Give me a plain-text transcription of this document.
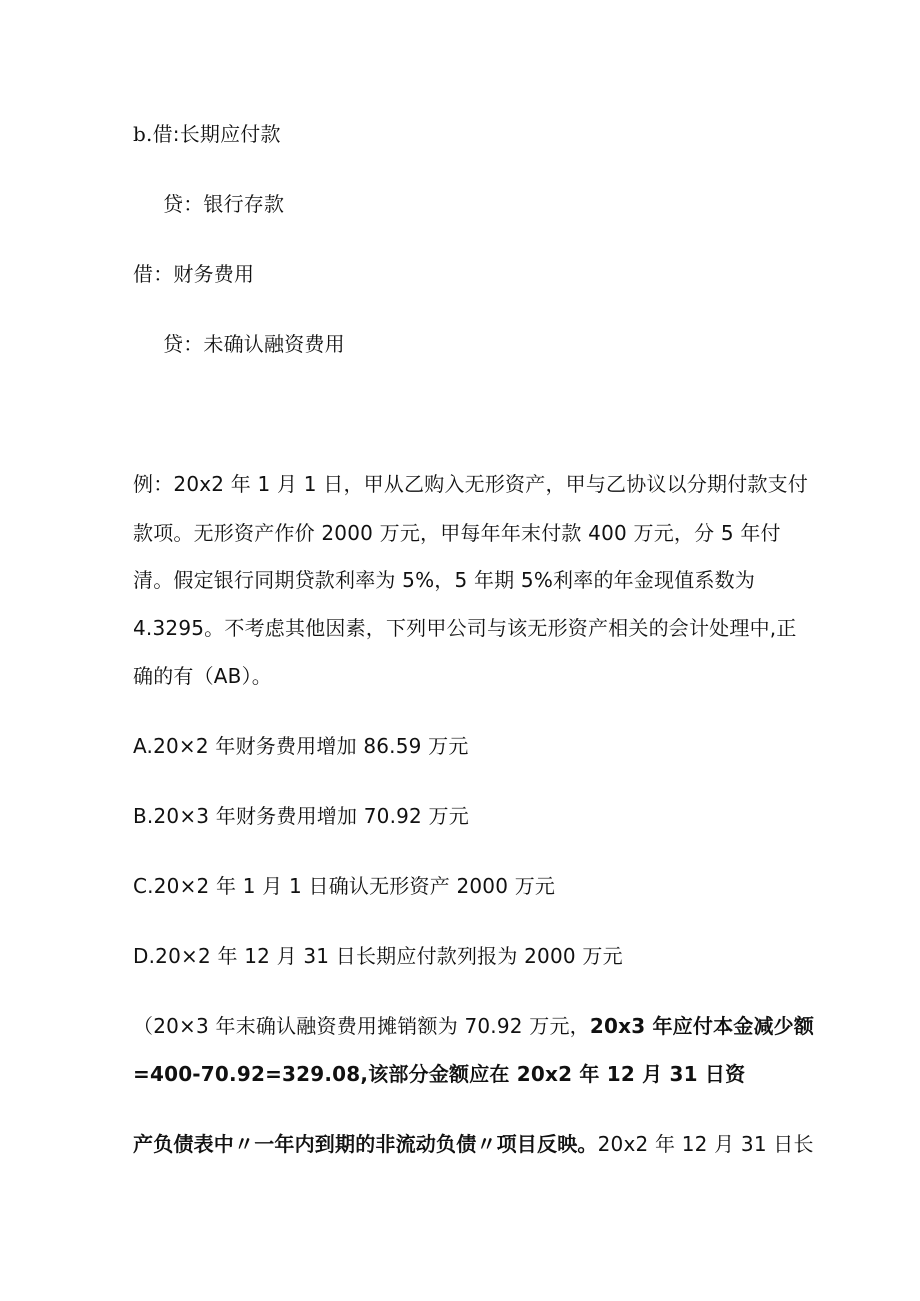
b.借:长期应付款
贷：银行存款
借：财务费用
贷：未确认融资费用
例：20x2 年 1 月 1 日，甲从乙购入无形资产，甲与乙协议以分期付款支付
款项。无形资产作价 2000 万元，甲每年年末付款 400 万元，分 5 年付
清。假定银行同期贷款利率为 5%，5 年期 5%利率的年金现值系数为
4.3295。不考虑其他因素，下列甲公司与该无形资产相关的会计处理中,正
确的有（AB）。
A.20×2 年财务费用增加 86.59 万元
B.20×3 年财务费用增加 70.92 万元
C.20×2 年 1 月 1 日确认无形资产 2000 万元
D.20×2 年 12 月 31 日长期应付款列报为 2000 万元
（20×3 年末确认融资费用摊销额为 70.92 万元，20x3 年应付本金减少额
=400-70.92=329.08,该部分金额应在 20x2 年 12 月 31 日资
产负债表中〃一年内到期的非流动负债〃项目反映。20x2 年 12 月 31 日长
